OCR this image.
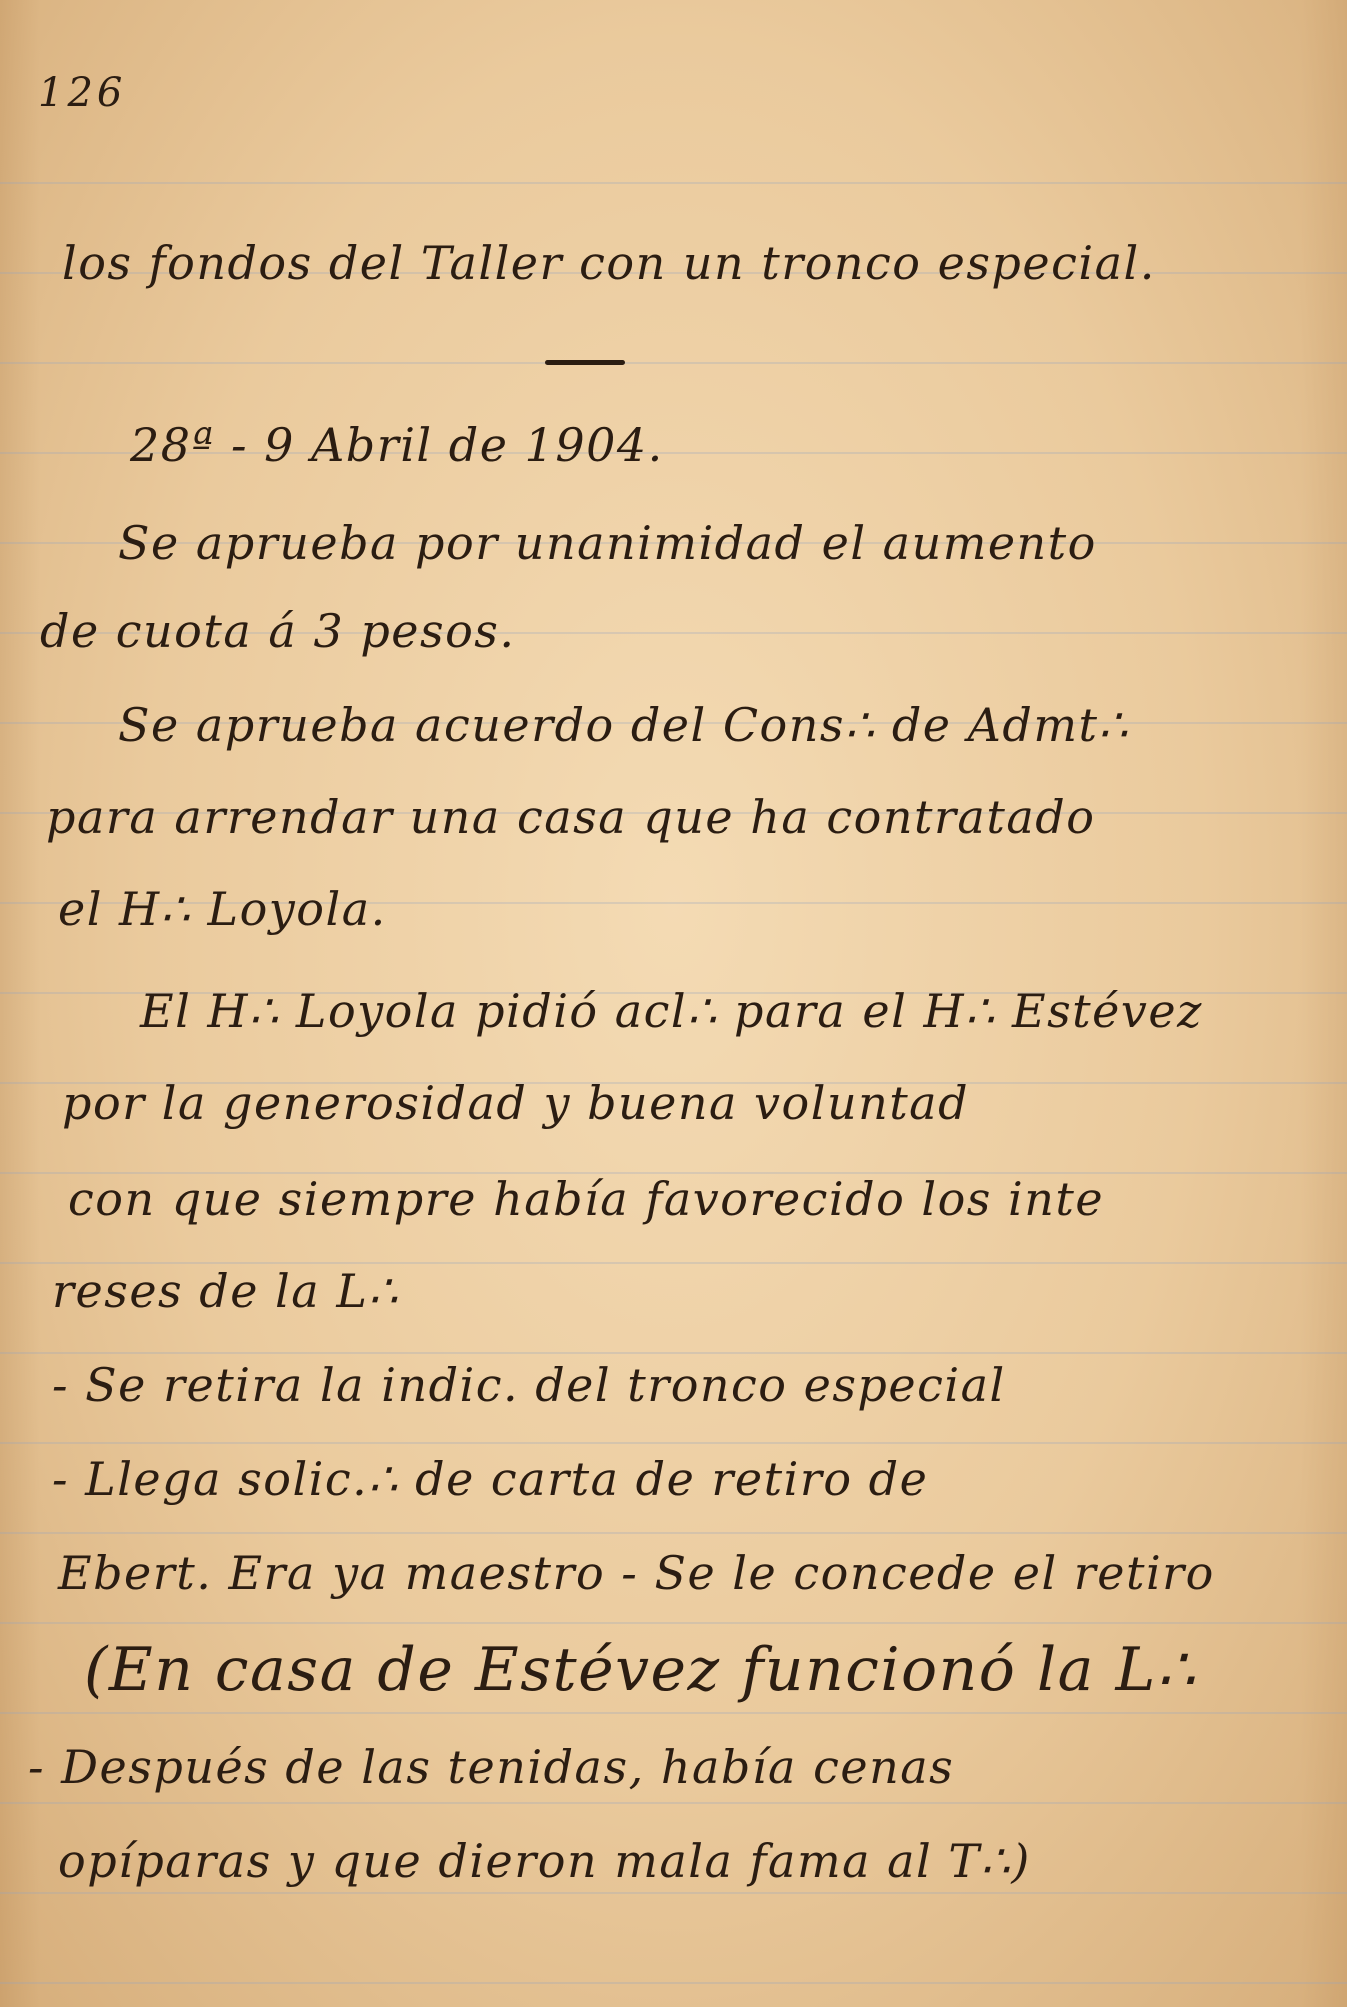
126
los fondos del Taller con un tronco especial.
28ª - 9 Abril de 1904.
Se aprueba por unanimidad el aumento
de cuota á 3 pesos.
Se aprueba acuerdo del Cons∴ de Admt∴
para arrendar una casa que ha contratado
el H∴ Loyola.
El H∴ Loyola pidió acl∴ para el H∴ Estévez
por la generosidad y buena voluntad
con que siempre había favorecido los inte
reses de la L∴
- Se retira la indic. del tronco especial
- Llega solic.∴ de carta de retiro de
Ebert. Era ya maestro - Se le concede el retiro
(En casa de Estévez funcionó la L∴
- Después de las tenidas, había cenas
opíparas y que dieron mala fama al T∴)
